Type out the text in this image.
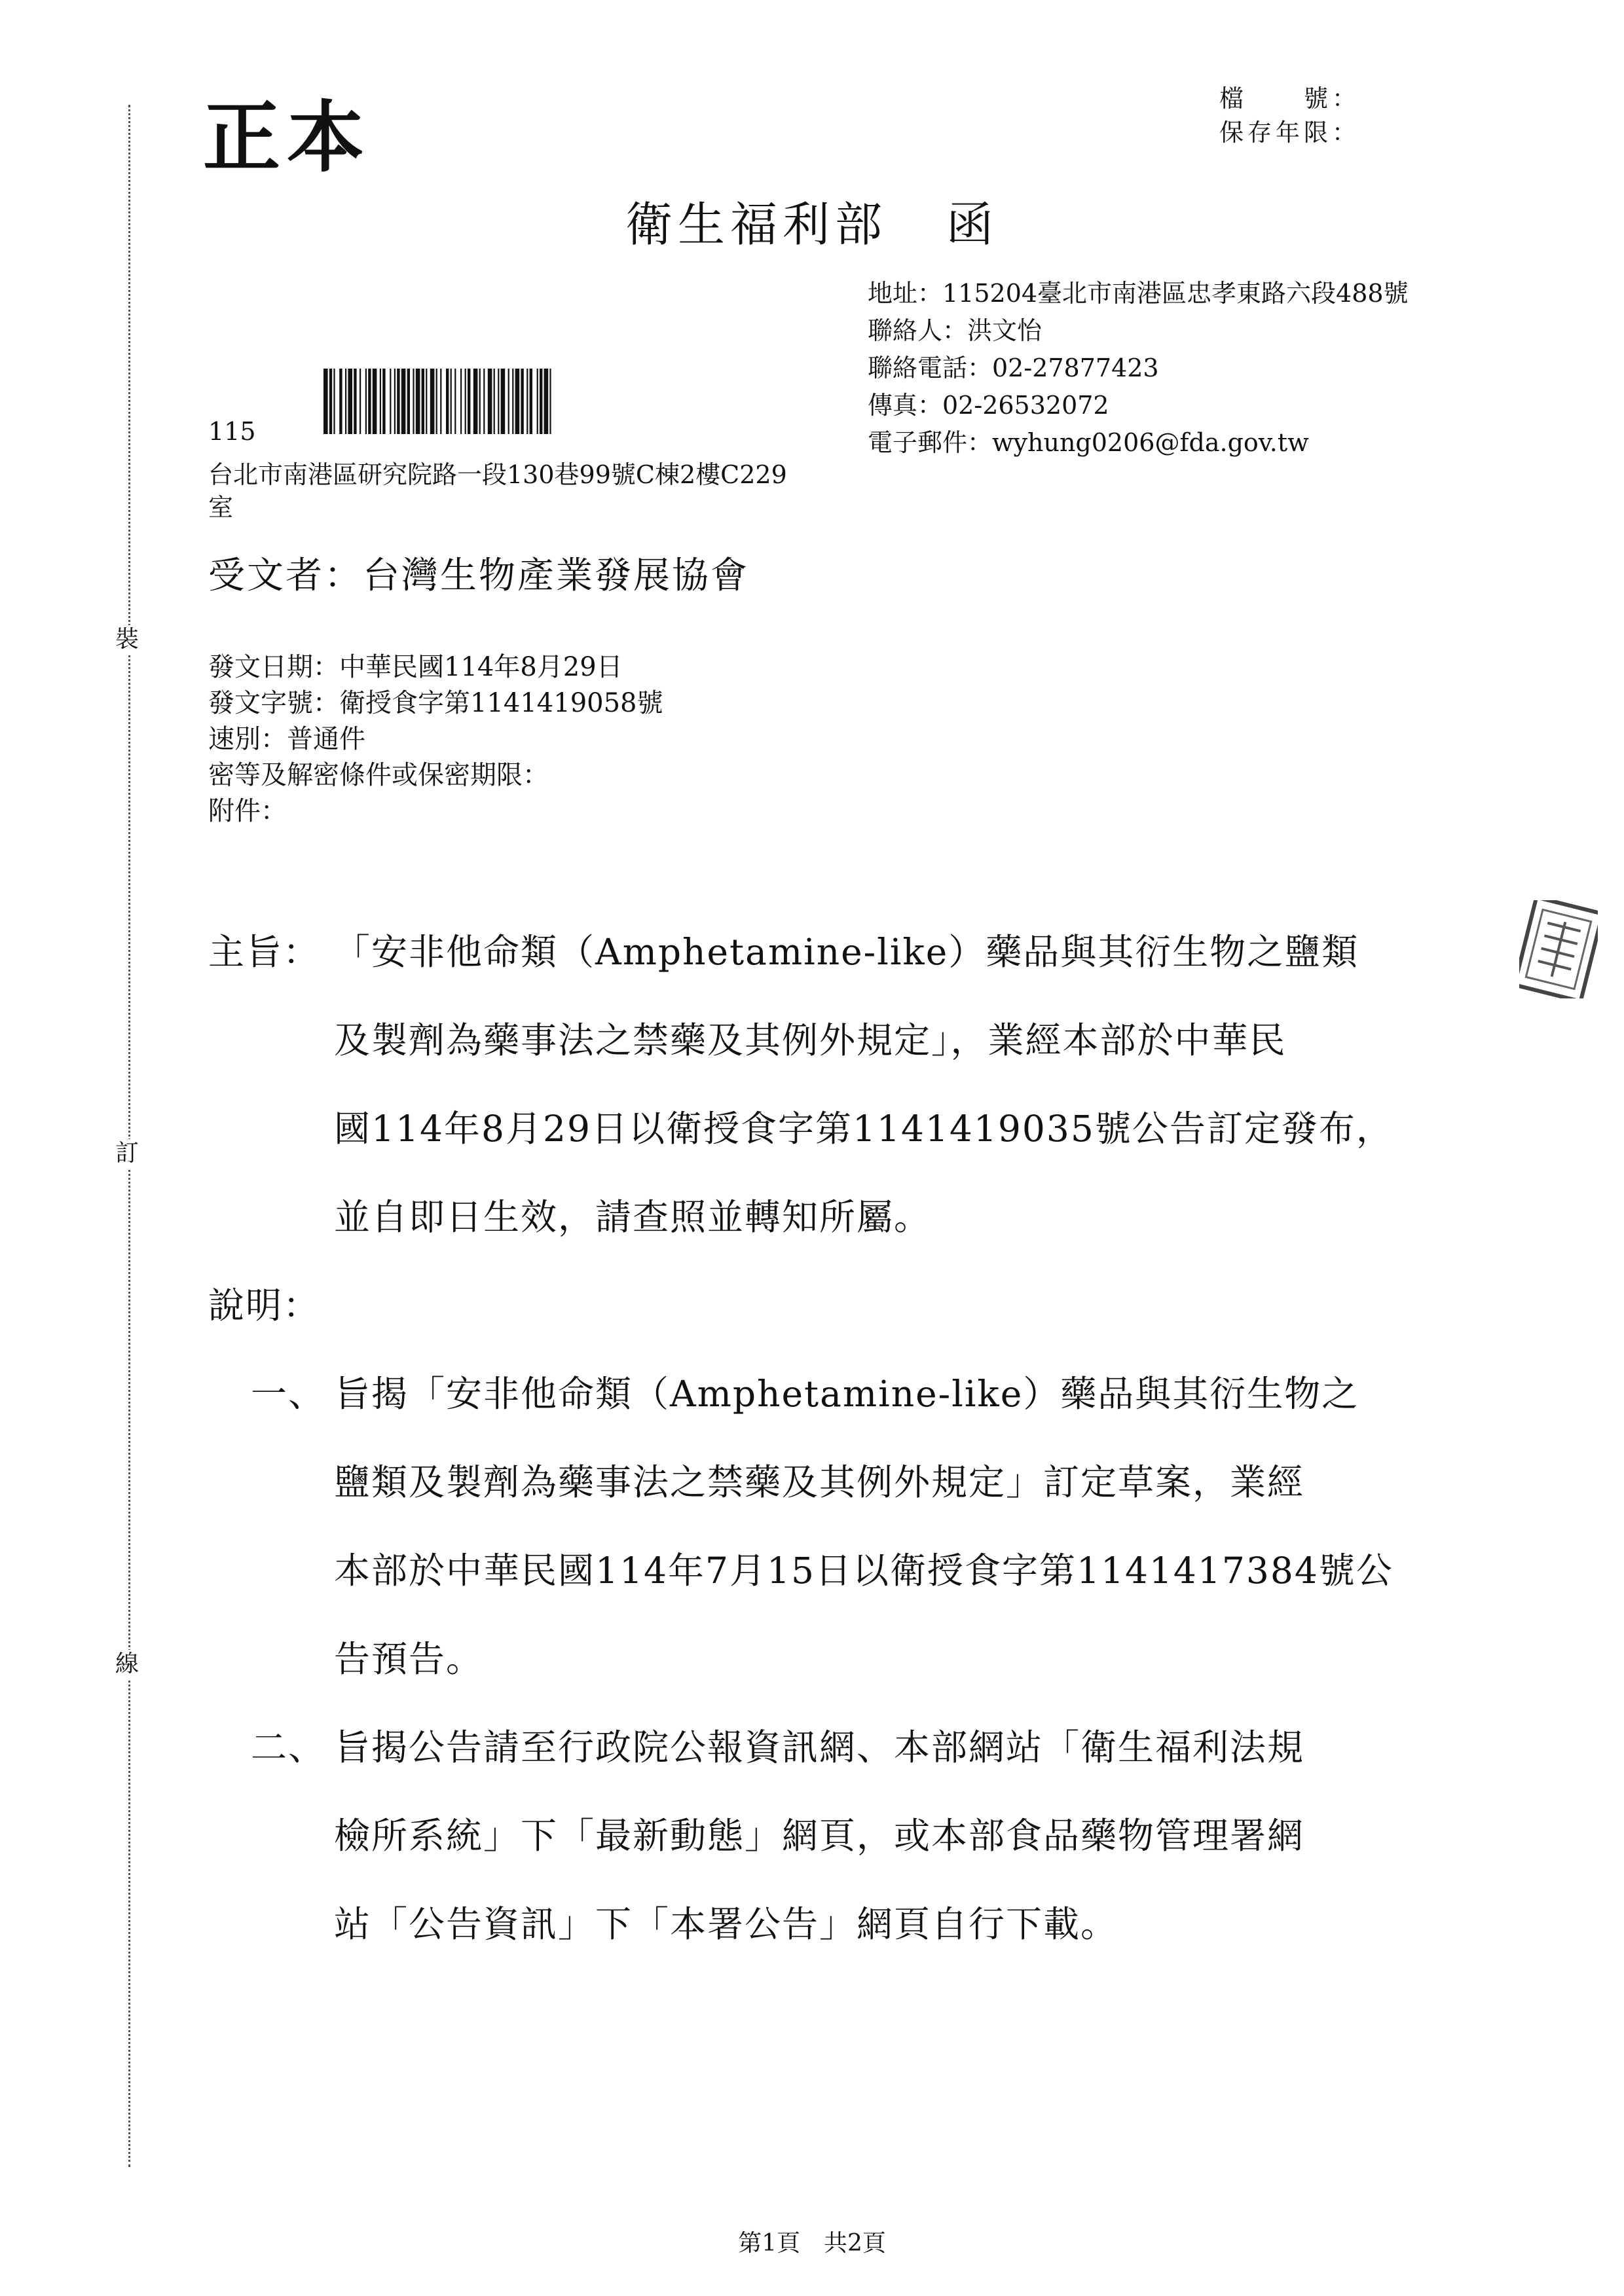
裝
訂
線
正本	檔　　號：
保存年限：
衛生福利部 函
地址：115204臺北市南港區忠孝東路六段488號
聯絡人：洪文怡
聯絡電話：02-27877423
傳真：02-26532072
電子郵件：wyhung0206@fda.gov.tw
115
台北市南港區研究院路一段130巷99號C棟2樓C229
室
受文者：台灣生物產業發展協會
發文日期：中華民國114年8月29日
發文字號：衛授食字第1141419058號
速別：普通件
密等及解密條件或保密期限：
附件：
主旨： 「安非他命類（Amphetamine-like）藥品與其衍生物之鹽類
及製劑為藥事法之禁藥及其例外規定」，業經本部於中華民
國114年8月29日以衛授食字第1141419035號公告訂定發布，
並自即日生效，請查照並轉知所屬。
說明：
一、 旨揭「安非他命類（Amphetamine-like）藥品與其衍生物之
鹽類及製劑為藥事法之禁藥及其例外規定」訂定草案，業經
本部於中華民國114年7月15日以衛授食字第1141417384號公
告預告。
二、 旨揭公告請至行政院公報資訊網、本部網站「衛生福利法規
檢所系統」下「最新動態」網頁，或本部食品藥物管理署網
站「公告資訊」下「本署公告」網頁自行下載。
第1頁　共2頁
